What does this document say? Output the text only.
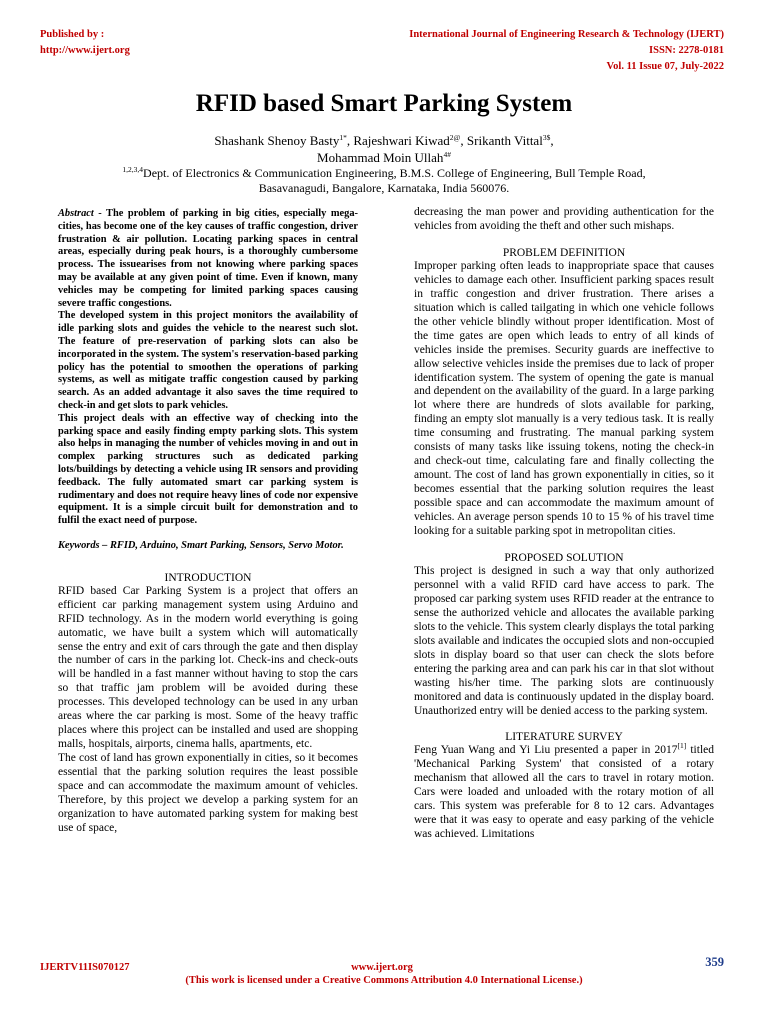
Published by :
http://www.ijert.org
International Journal of Engineering Research & Technology (IJERT)
ISSN: 2278-0181
Vol. 11 Issue 07, July-2022
RFID based Smart Parking System
Shashank Shenoy Basty$^{1*}$, Rajeshwari Kiwad$^{2@}$, Srikanth Vittal$^{3\$}$,
Mohammad Moin Ullah$^{4\#}$
$^{1,2,3,4}$Dept. of Electronics & Communication Engineering, B.M.S. College of Engineering, Bull Temple Road,
Basavanagudi, Bangalore, Karnataka, India 560076.

Abstract - The problem of parking in big cities, especially mega-cities, has become one of the key causes of traffic congestion, driver frustration & air pollution. Locating parking spaces in central areas, especially during peak hours, is a thoroughly cumbersome process. The issuearises from not knowing where parking spaces may be available at any given point of time. Even if known, many vehicles may be competing for limited parking spaces causing severe traffic congestions.

The developed system in this project monitors the availability of idle parking slots and guides the vehicle to the nearest such slot. The feature of pre-reservation of parking slots can also be incorporated in the system. The system's reservation-based parking policy has the potential to smoothen the operations of parking systems, as well as mitigate traffic congestion caused by parking search. As an added advantage it also saves the time required to check-in and get slots to park vehicles.

This project deals with an effective way of checking into the parking space and easily finding empty parking slots. This system also helps in managing the number of vehicles moving in and out in complex parking structures such as dedicated parking lots/buildings by detecting a vehicle using IR sensors and providing feedback. The fully automated smart car parking system is rudimentary and does not require heavy lines of code nor expensive equipment. It is a simple circuit built for demonstration and to fulfil the exact need of purpose.

Keywords – RFID, Arduino, Smart Parking, Sensors, Servo Motor.

INTRODUCTION

RFID based Car Parking System is a project that offers an efficient car parking management system using Arduino and RFID technology. As in the modern world everything is going automatic, we have built a system which will automatically sense the entry and exit of cars through the gate and then display the number of cars in the parking lot. Check-ins and check-outs will be handled in a fast manner without having to stop the cars so that traffic jam problem will be avoided during these processes. This developed technology can be used in any urban areas where the car parking is most. Some of the heavy traffic places where this project can be installed and used are shopping malls, hospitals, airports, cinema halls, apartments, etc.

The cost of land has grown exponentially in cities, so it becomes essential that the parking solution requires the least possible space and can accommodate the maximum amount of vehicles. Therefore, by this project we develop a parking system for an organization to have automated parking system for making best use of space,

decreasing the man power and providing authentication for the vehicles from avoiding the theft and other such mishaps.

PROBLEM DEFINITION

Improper parking often leads to inappropriate space that causes vehicles to damage each other. Insufficient parking spaces result in traffic congestion and driver frustration. There arises a situation which is called tailgating in which one vehicle follows the other vehicle blindly without proper identification. Most of the time gates are open which leads to entry of all kinds of vehicles inside the premises. Security guards are ineffective to allow selective vehicles inside the premises due to lack of proper identification system. The system of opening the gate is manual and dependent on the availability of the guard. In a large parking lot where there are hundreds of slots available for parking, finding an empty slot manually is a very tedious task. It is really time consuming and frustrating. The manual parking system consists of many tasks like issuing tokens, noting the check-in and check-out time, calculating fare and finally collecting the amount. The cost of land has grown exponentially in cities, so it becomes essential that the parking solution requires the least possible space and can accommodate the maximum amount of vehicles. An average person spends 10 to 15 % of his travel time looking for a suitable parking spot in metropolitan cities.

PROPOSED SOLUTION

This project is designed in such a way that only authorized personnel with a valid RFID card have access to park. The proposed car parking system uses RFID reader at the entrance to sense the authorized vehicle and allocates the available parking slots to the vehicle. This system clearly displays the total parking slots available and indicates the occupied slots and non-occupied slots in display board so that user can check the slots before entering the parking area and can park his car in that slot without wasting his/her time. The parking slots are continuously monitored and data is continuously updated in the display board. Unauthorized entry will be denied access to the parking system.

LITERATURE SURVEY

Feng Yuan Wang and Yi Liu presented a paper in 2017[1] titled 'Mechanical Parking System' that consisted of a rotary mechanism that allowed all the cars to travel in rotary motion. Cars were loaded and unloaded with the rotary motion of all cars. This system was preferable for 8 to 12 cars. Advantages were that it was easy to operate and easy parking of the vehicle was achieved. Limitations

IJERTV11IS070127	www.ijert.org	359
(This work is licensed under a Creative Commons Attribution 4.0 International License.)
